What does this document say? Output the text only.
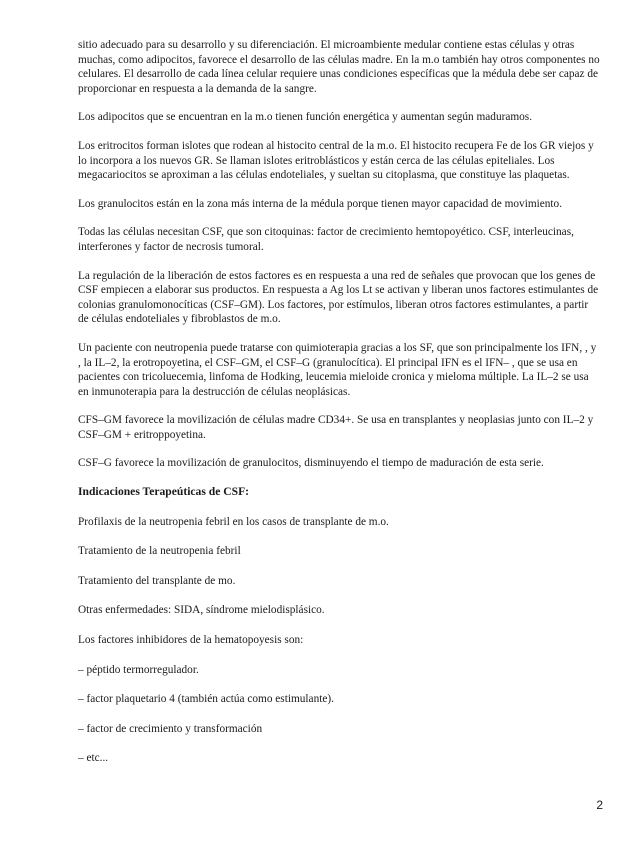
sitio adecuado para su desarrollo y su diferenciación. El microambiente medular contiene estas células y otras muchas, como adipocitos, favorece el desarrollo de las células madre. En la m.o también hay otros componentes no celulares. El desarrollo de cada línea celular requiere unas condiciones específicas que la médula debe ser capaz de proporcionar en respuesta a la demanda de la sangre.

Los adipocitos que se encuentran en la m.o tienen función energética y aumentan según maduramos.

Los eritrocitos forman islotes que rodean al histocito central de la m.o. El histocito recupera Fe de los GR viejos y lo incorpora a los nuevos GR. Se llaman islotes eritroblásticos y están cerca de las células epiteliales. Los megacariocitos se aproximan a las células endoteliales, y sueltan su citoplasma, que constituye las plaquetas.

Los granulocitos están en la zona más interna de la médula porque tienen mayor capacidad de movimiento.

Todas las células necesitan CSF, que son citoquinas: factor de crecimiento hemtopoyético. CSF, interleucinas, interferones y factor de necrosis tumoral.

La regulación de la liberación de estos factores es en respuesta a una red de señales que provocan que los genes de CSF empiecen a elaborar sus productos. En respuesta a Ag los Lt se activan y liberan unos factores estimulantes de colonias granulomonocíticas (CSF–GM). Los factores, por estímulos, liberan otros factores estimulantes, a partir de células endoteliales y fibroblastos de m.o.

Un paciente con neutropenia puede tratarse con quimioterapia gracias a los SF, que son principalmente los IFN, , y , la IL–2, la erotropoyetina, el CSF–GM, el CSF–G (granulocítica). El principal IFN es el IFN– , que se usa en pacientes con tricoluecemia, linfoma de Hodking, leucemia mieloide cronica y mieloma múltiple. La IL–2 se usa en inmunoterapia para la destrucción de células neoplásicas.

CFS–GM favorece la movilización de células madre CD34+. Se usa en transplantes y neoplasias junto con IL–2 y CSF–GM + eritroppoyetina.

CSF–G favorece la movilización de granulocitos, disminuyendo el tiempo de maduración de esta serie.

Indicaciones Terapeúticas de CSF:

Profilaxis de la neutropenia febril en los casos de transplante de m.o.

Tratamiento de la neutropenia febril

Tratamiento del transplante de mo.

Otras enfermedades: SIDA, síndrome mielodisplásico.

Los factores inhibidores de la hematopoyesis son:

– péptido termorregulador.

– factor plaquetario 4 (también actúa como estimulante).

– factor de crecimiento y transformación

– etc...

2
